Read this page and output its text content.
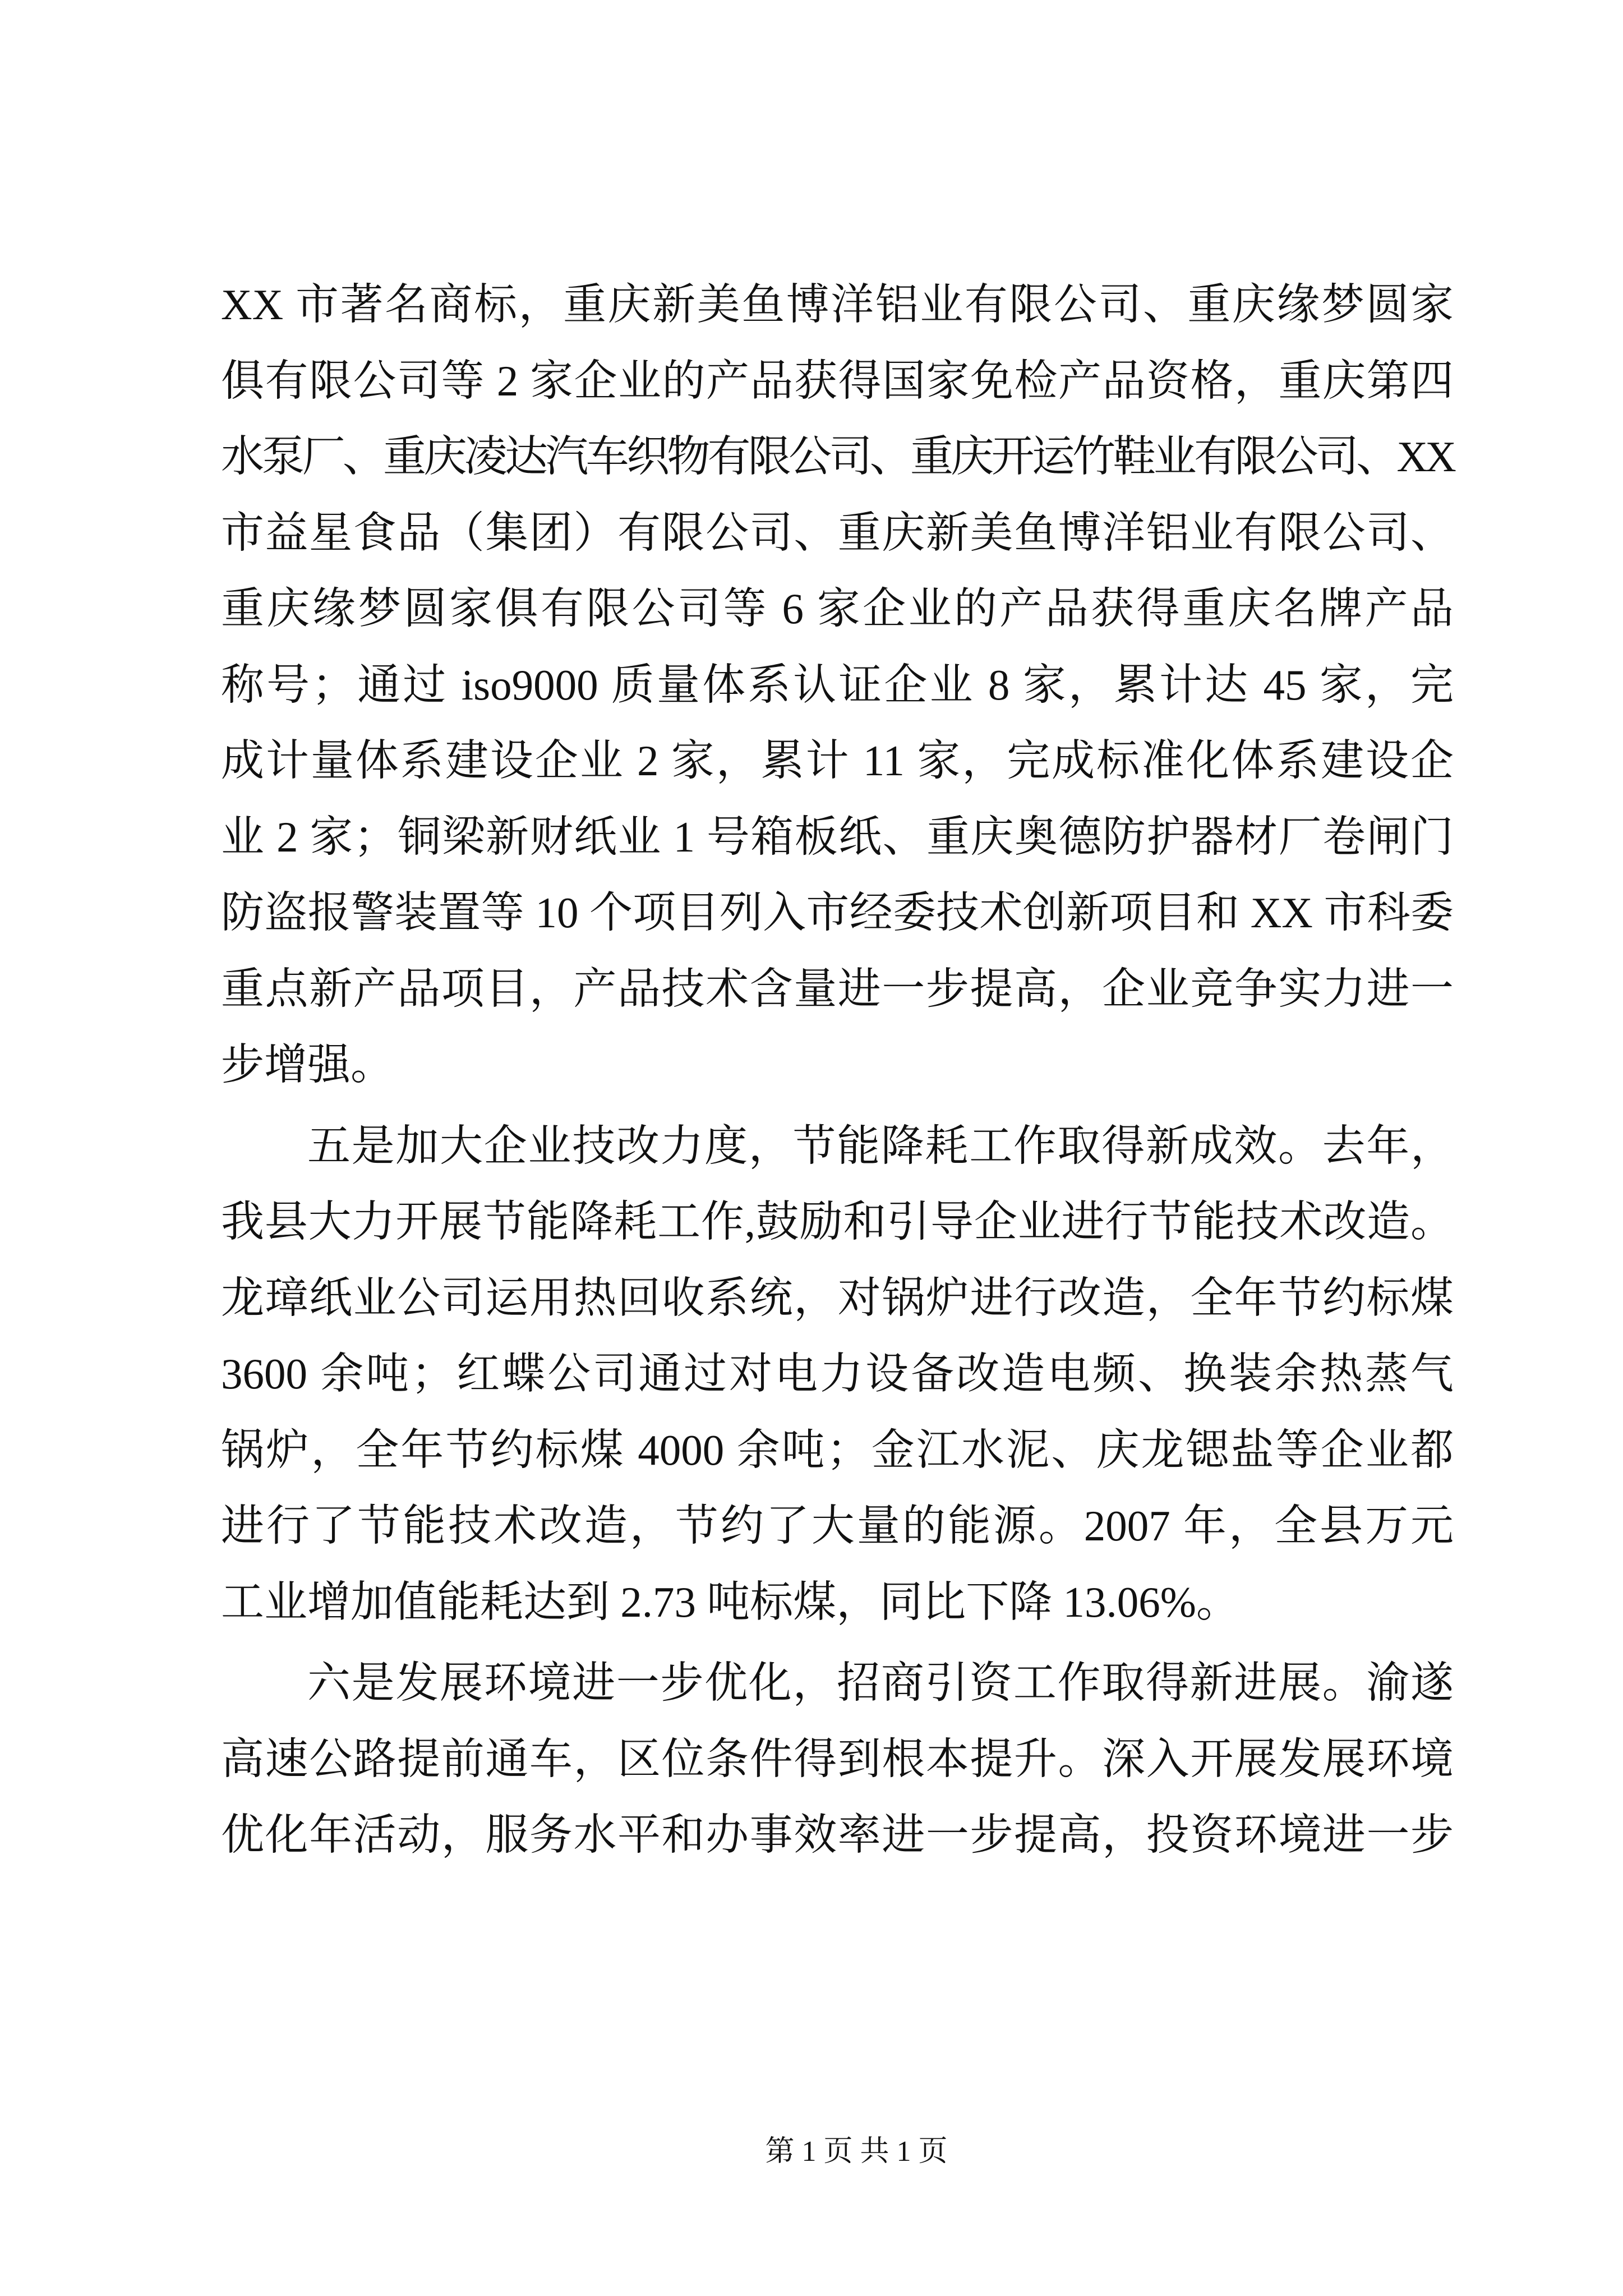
XX 市著名商标，重庆新美鱼博洋铝业有限公司、重庆缘梦圆家
俱有限公司等 2 家企业的产品获得国家免检产品资格，重庆第四
水泵厂、重庆凌达汽车织物有限公司、重庆开运竹鞋业有限公司、XX
市益星食品（集团）有限公司、重庆新美鱼博洋铝业有限公司、
重庆缘梦圆家俱有限公司等 6 家企业的产品获得重庆名牌产品
称号；通过 iso9000 质量体系认证企业 8 家，累计达 45 家，完
成计量体系建设企业 2 家，累计 11 家，完成标准化体系建设企
业 2 家；铜梁新财纸业 1 号箱板纸、重庆奥德防护器材厂卷闸门
防盗报警装置等 10 个项目列入市经委技术创新项目和 XX 市科委
重点新产品项目，产品技术含量进一步提高，企业竞争实力进一
步增强。
五是加大企业技改力度，节能降耗工作取得新成效。去年，
我县大力开展节能降耗工作,鼓励和引导企业进行节能技术改造。
龙璋纸业公司运用热回收系统，对锅炉进行改造，全年节约标煤
3600 余吨；红蝶公司通过对电力设备改造电频、换装余热蒸气
锅炉，全年节约标煤 4000 余吨；金江水泥、庆龙锶盐等企业都
进行了节能技术改造，节约了大量的能源。2007 年，全县万元
工业增加值能耗达到 2.73 吨标煤，同比下降 13.06%。
六是发展环境进一步优化，招商引资工作取得新进展。渝遂
高速公路提前通车，区位条件得到根本提升。深入开展发展环境
优化年活动，服务水平和办事效率进一步提高，投资环境进一步
第 1 页 共 1 页
